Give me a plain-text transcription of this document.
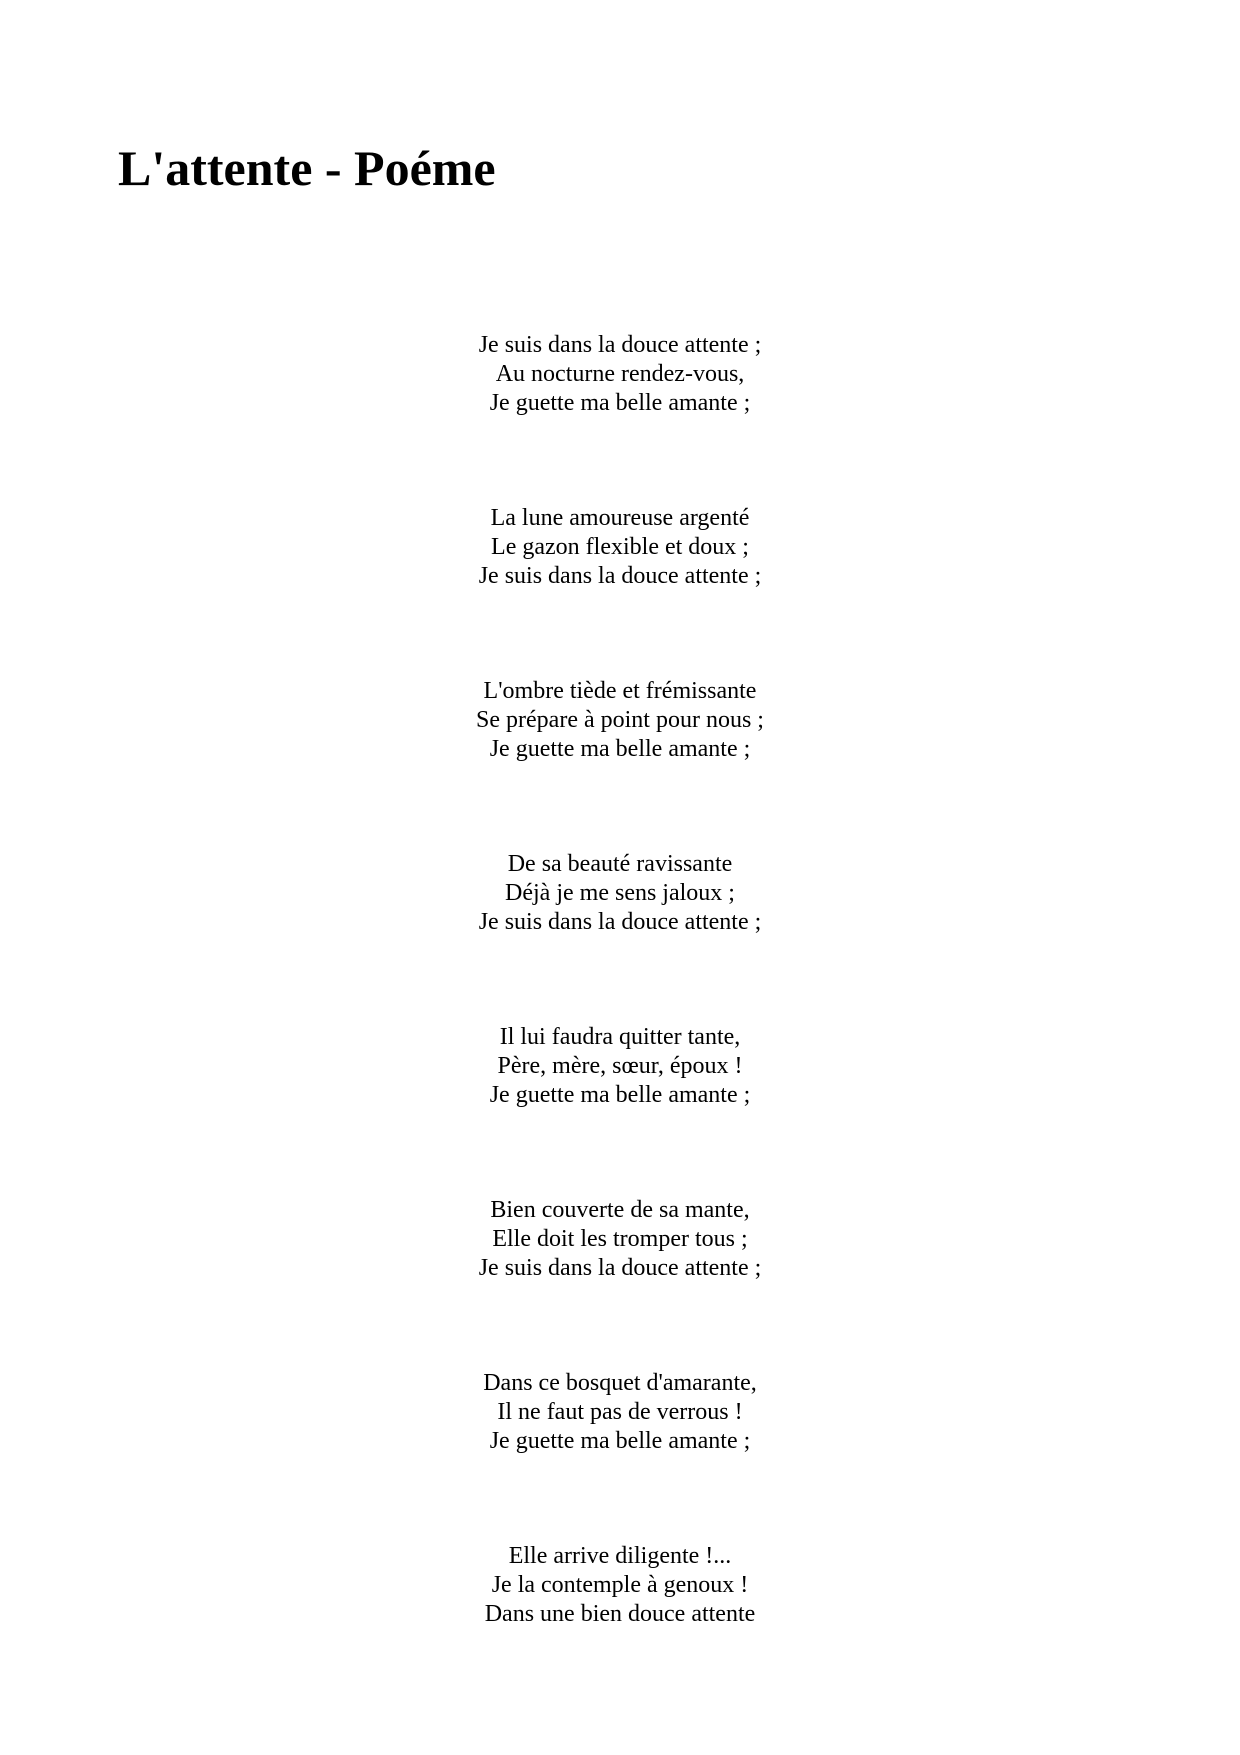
L'attente - Poéme
Je suis dans la douce attente ;
Au nocturne rendez-vous,
Je guette ma belle amante ;
La lune amoureuse argenté
Le gazon flexible et doux ;
Je suis dans la douce attente ;
L'ombre tiède et frémissante
Se prépare à point pour nous ;
Je guette ma belle amante ;
De sa beauté ravissante
Déjà je me sens jaloux ;
Je suis dans la douce attente ;
Il lui faudra quitter tante,
Père, mère, sœur, époux !
Je guette ma belle amante ;
Bien couverte de sa mante,
Elle doit les tromper tous ;
Je suis dans la douce attente ;
Dans ce bosquet d'amarante,
Il ne faut pas de verrous !
Je guette ma belle amante ;
Elle arrive diligente !...
Je la contemple à genoux !
Dans une bien douce attente
